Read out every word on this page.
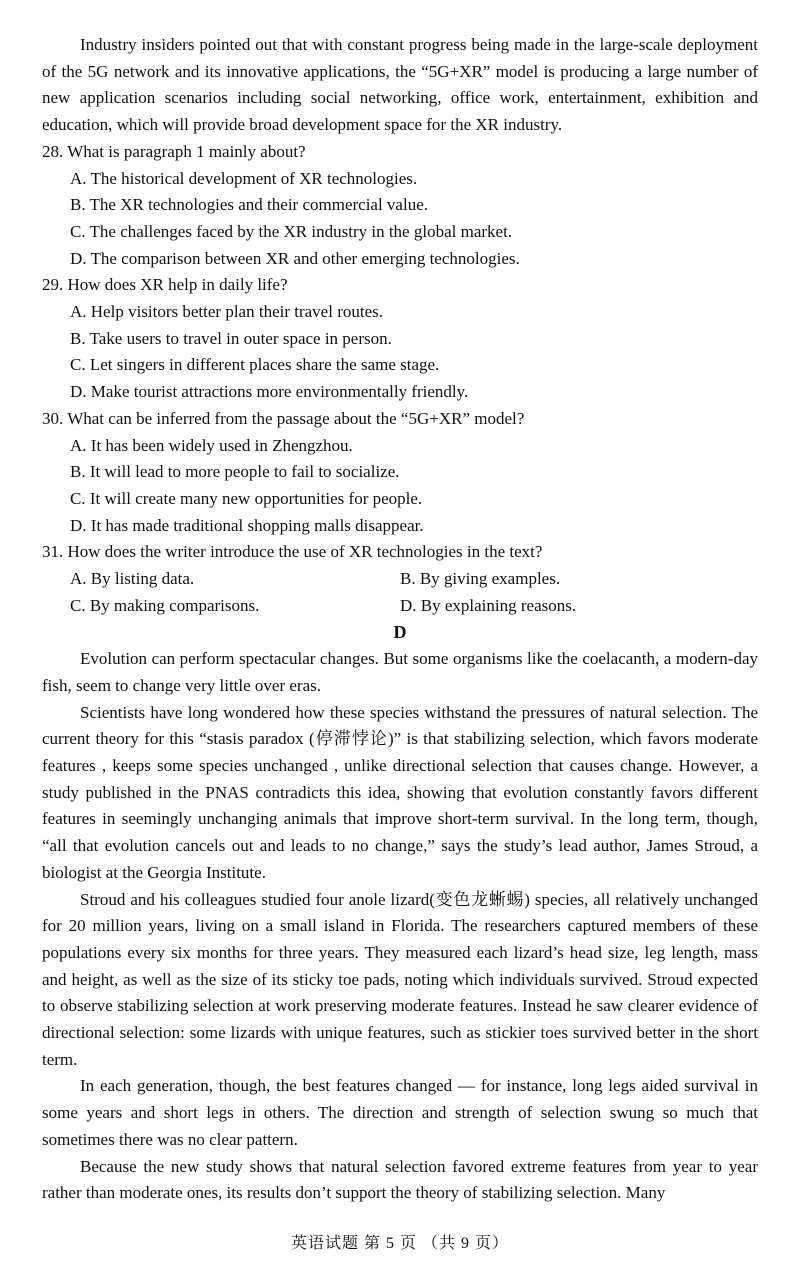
Industry insiders pointed out that with constant progress being made in the large-scale deployment of the 5G network and its innovative applications, the “5G+XR” model is producing a large number of new application scenarios including social networking, office work, entertainment, exhibition and education, which will provide broad development space for the XR industry.

28. What is paragraph 1 mainly about?

A. The historical development of XR technologies.

B. The XR technologies and their commercial value.

C. The challenges faced by the XR industry in the global market.

D. The comparison between XR and other emerging technologies.

29. How does XR help in daily life?

A. Help visitors better plan their travel routes.

B. Take users to travel in outer space in person.

C. Let singers in different places share the same stage.

D. Make tourist attractions more environmentally friendly.

30. What can be inferred from the passage about the “5G+XR” model?

A. It has been widely used in Zhengzhou.

B. It will lead to more people to fail to socialize.

C. It will create many new opportunities for people.

D. It has made traditional shopping malls disappear.

31. How does the writer introduce the use of XR technologies in the text?

A. By listing data.	B. By giving examples.
C. By making comparisons.	D. By explaining reasons.

D

Evolution can perform spectacular changes. But some organisms like the coelacanth, a modern-day fish, seem to change very little over eras.

Scientists have long wondered how these species withstand the pressures of natural selection. The current theory for this “stasis paradox (停滞悖论)” is that stabilizing selection, which favors moderate features , keeps some species unchanged , unlike directional selection that causes change. However, a study published in the PNAS contradicts this idea, showing that evolution constantly favors different features in seemingly unchanging animals that improve short-term survival. In the long term, though, “all that evolution cancels out and leads to no change,” says the study’s lead author, James Stroud, a biologist at the Georgia Institute.

Stroud and his colleagues studied four anole lizard(变色龙蜥蜴) species, all relatively unchanged for 20 million years, living on a small island in Florida. The researchers captured members of these populations every six months for three years. They measured each lizard’s head size, leg length, mass and height, as well as the size of its sticky toe pads, noting which individuals survived. Stroud expected to observe stabilizing selection at work preserving moderate features. Instead he saw clearer evidence of directional selection: some lizards with unique features, such as stickier toes survived better in the short term.

In each generation, though, the best features changed — for instance, long legs aided survival in some years and short legs in others. The direction and strength of selection swung so much that sometimes there was no clear pattern.

Because the new study shows that natural selection favored extreme features from year to year rather than moderate ones, its results don’t support the theory of stabilizing selection. Many

英语试题 第 5 页 （共 9 页）
